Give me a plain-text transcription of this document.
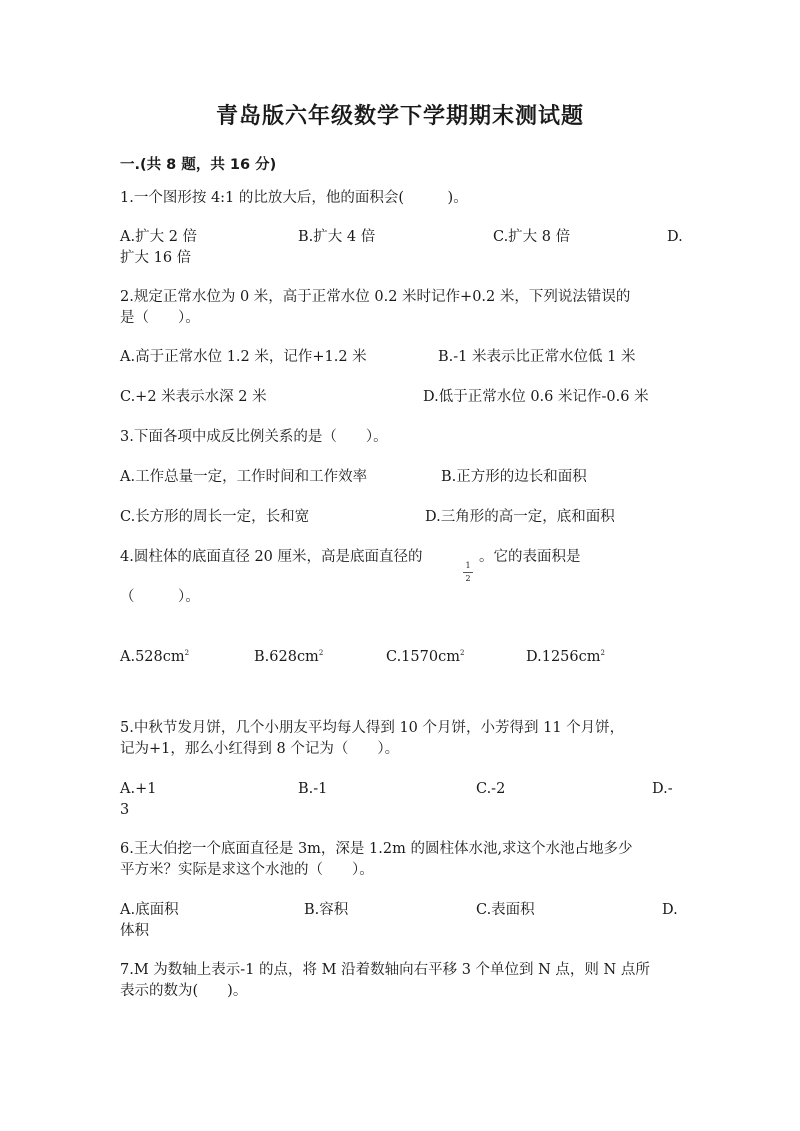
青岛版六年级数学下学期期末测试题
一.(共 8 题，共 16 分)
1.一个图形按 4:1 的比放大后，他的面积会(　　　)。
A.扩大 2 倍	B.扩大 4 倍	C.扩大 8 倍	D.
扩大 16 倍
2.规定正常水位为 0 米，高于正常水位 0.2 米时记作+0.2 米，下列说法错误的
是（　　）。
A.高于正常水位 1.2 米，记作+1.2 米	B.-1 米表示比正常水位低 1 米
C.+2 米表示水深 2 米	D.低于正常水位 0.6 米记作-0.6 米
3.下面各项中成反比例关系的是（　　）。
A.工作总量一定，工作时间和工作效率	B.正方形的边长和面积
C.长方形的周长一定，长和宽	D.三角形的高一定，底和面积
4.圆柱体的底面直径 20 厘米，高是底面直径的
1
2
。它的表面积是
（　　　）。
$A.528cm^2$	$B.628cm^2$	$C.1570cm^2$	$D.1256cm^2$
5.中秋节发月饼，几个小朋友平均每人得到 10 个月饼，小芳得到 11 个月饼，
记为+1，那么小红得到 8 个记为（　　）。
A.+1	B.-1	C.-2	D.-
3
6.王大伯挖一个底面直径是 3m，深是 1.2m 的圆柱体水池,求这个水池占地多少
平方米？实际是求这个水池的（　　）。
A.底面积	B.容积	C.表面积	D.
体积
7.M 为数轴上表示-1 的点，将 M 沿着数轴向右平移 3 个单位到 N 点，则 N 点所
表示的数为(　　)。
